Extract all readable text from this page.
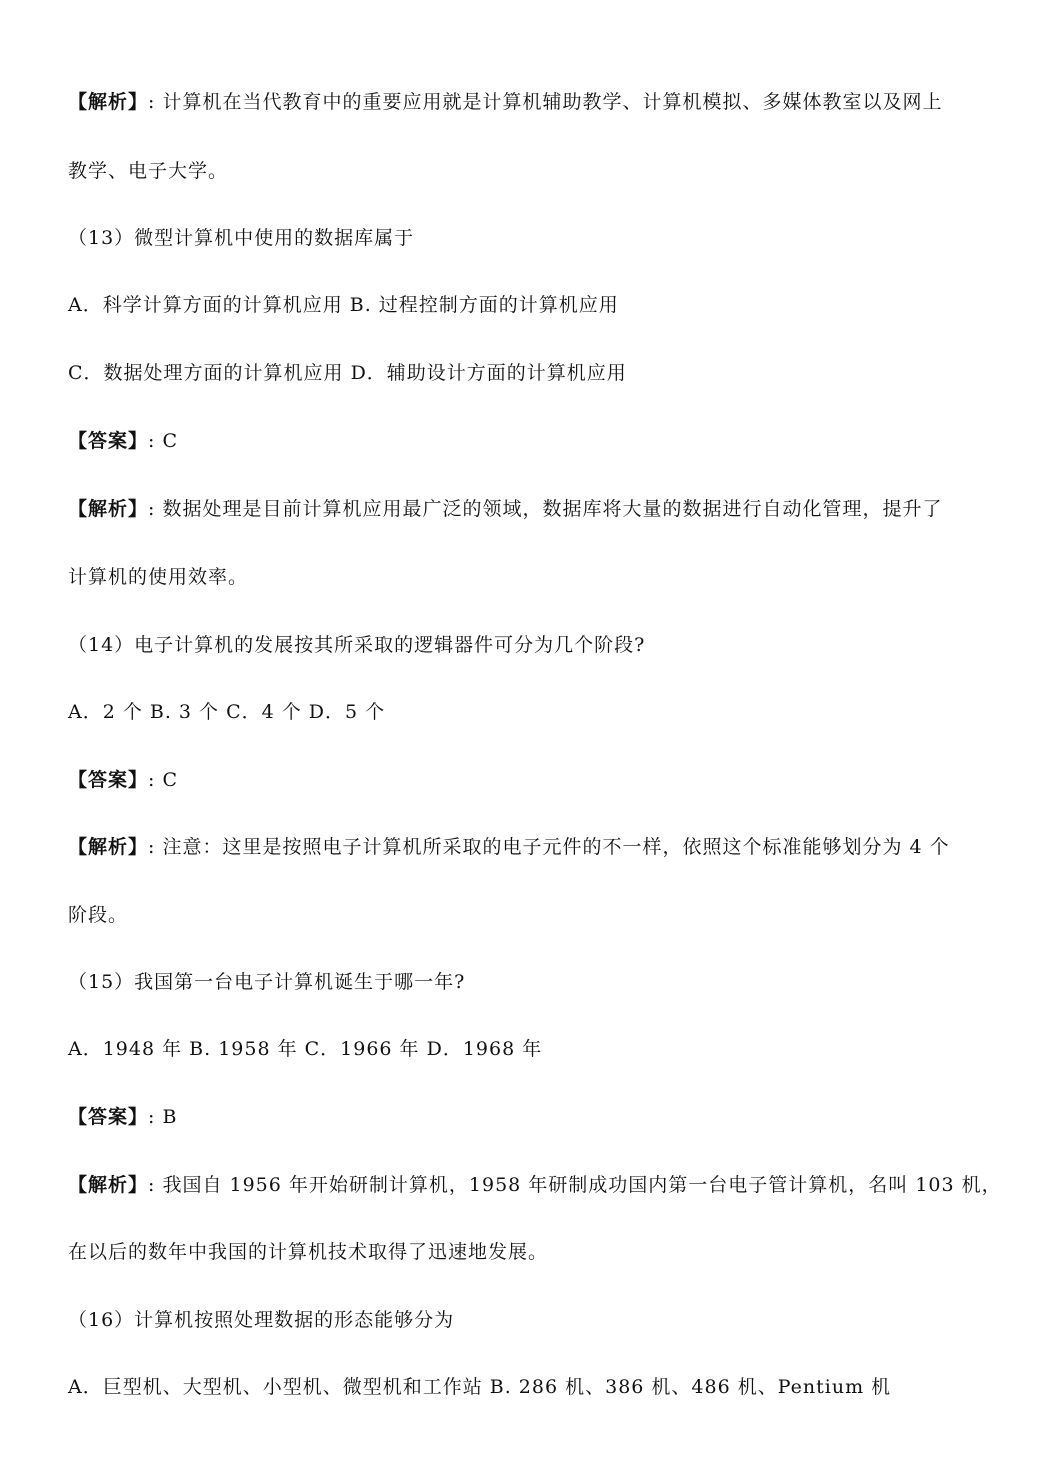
【解析】: 计算机在当代教育中的重要应用就是计算机辅助教学、计算机模拟、多媒体教室以及网上
教学、电子大学。
（13）微型计算机中使用的数据库属于
A．科学计算方面的计算机应用 B. 过程控制方面的计算机应用
C．数据处理方面的计算机应用 D．辅助设计方面的计算机应用
【答案】: C
【解析】: 数据处理是目前计算机应用最广泛的领域，数据库将大量的数据进行自动化管理，提升了
计算机的使用效率。
（14）电子计算机的发展按其所采取的逻辑器件可分为几个阶段?
A．2 个 B. 3 个 C．4 个 D．5 个
【答案】: C
【解析】: 注意：这里是按照电子计算机所采取的电子元件的不一样，依照这个标准能够划分为 4 个
阶段。
（15）我国第一台电子计算机诞生于哪一年?
A．1948 年 B. 1958 年 C．1966 年 D．1968 年
【答案】: B
【解析】: 我国自 1956 年开始研制计算机，1958 年研制成功国内第一台电子管计算机，名叫 103 机，
在以后的数年中我国的计算机技术取得了迅速地发展。
（16）计算机按照处理数据的形态能够分为
A．巨型机、大型机、小型机、微型机和工作站 B. 286 机、386 机、486 机、Pentium 机
